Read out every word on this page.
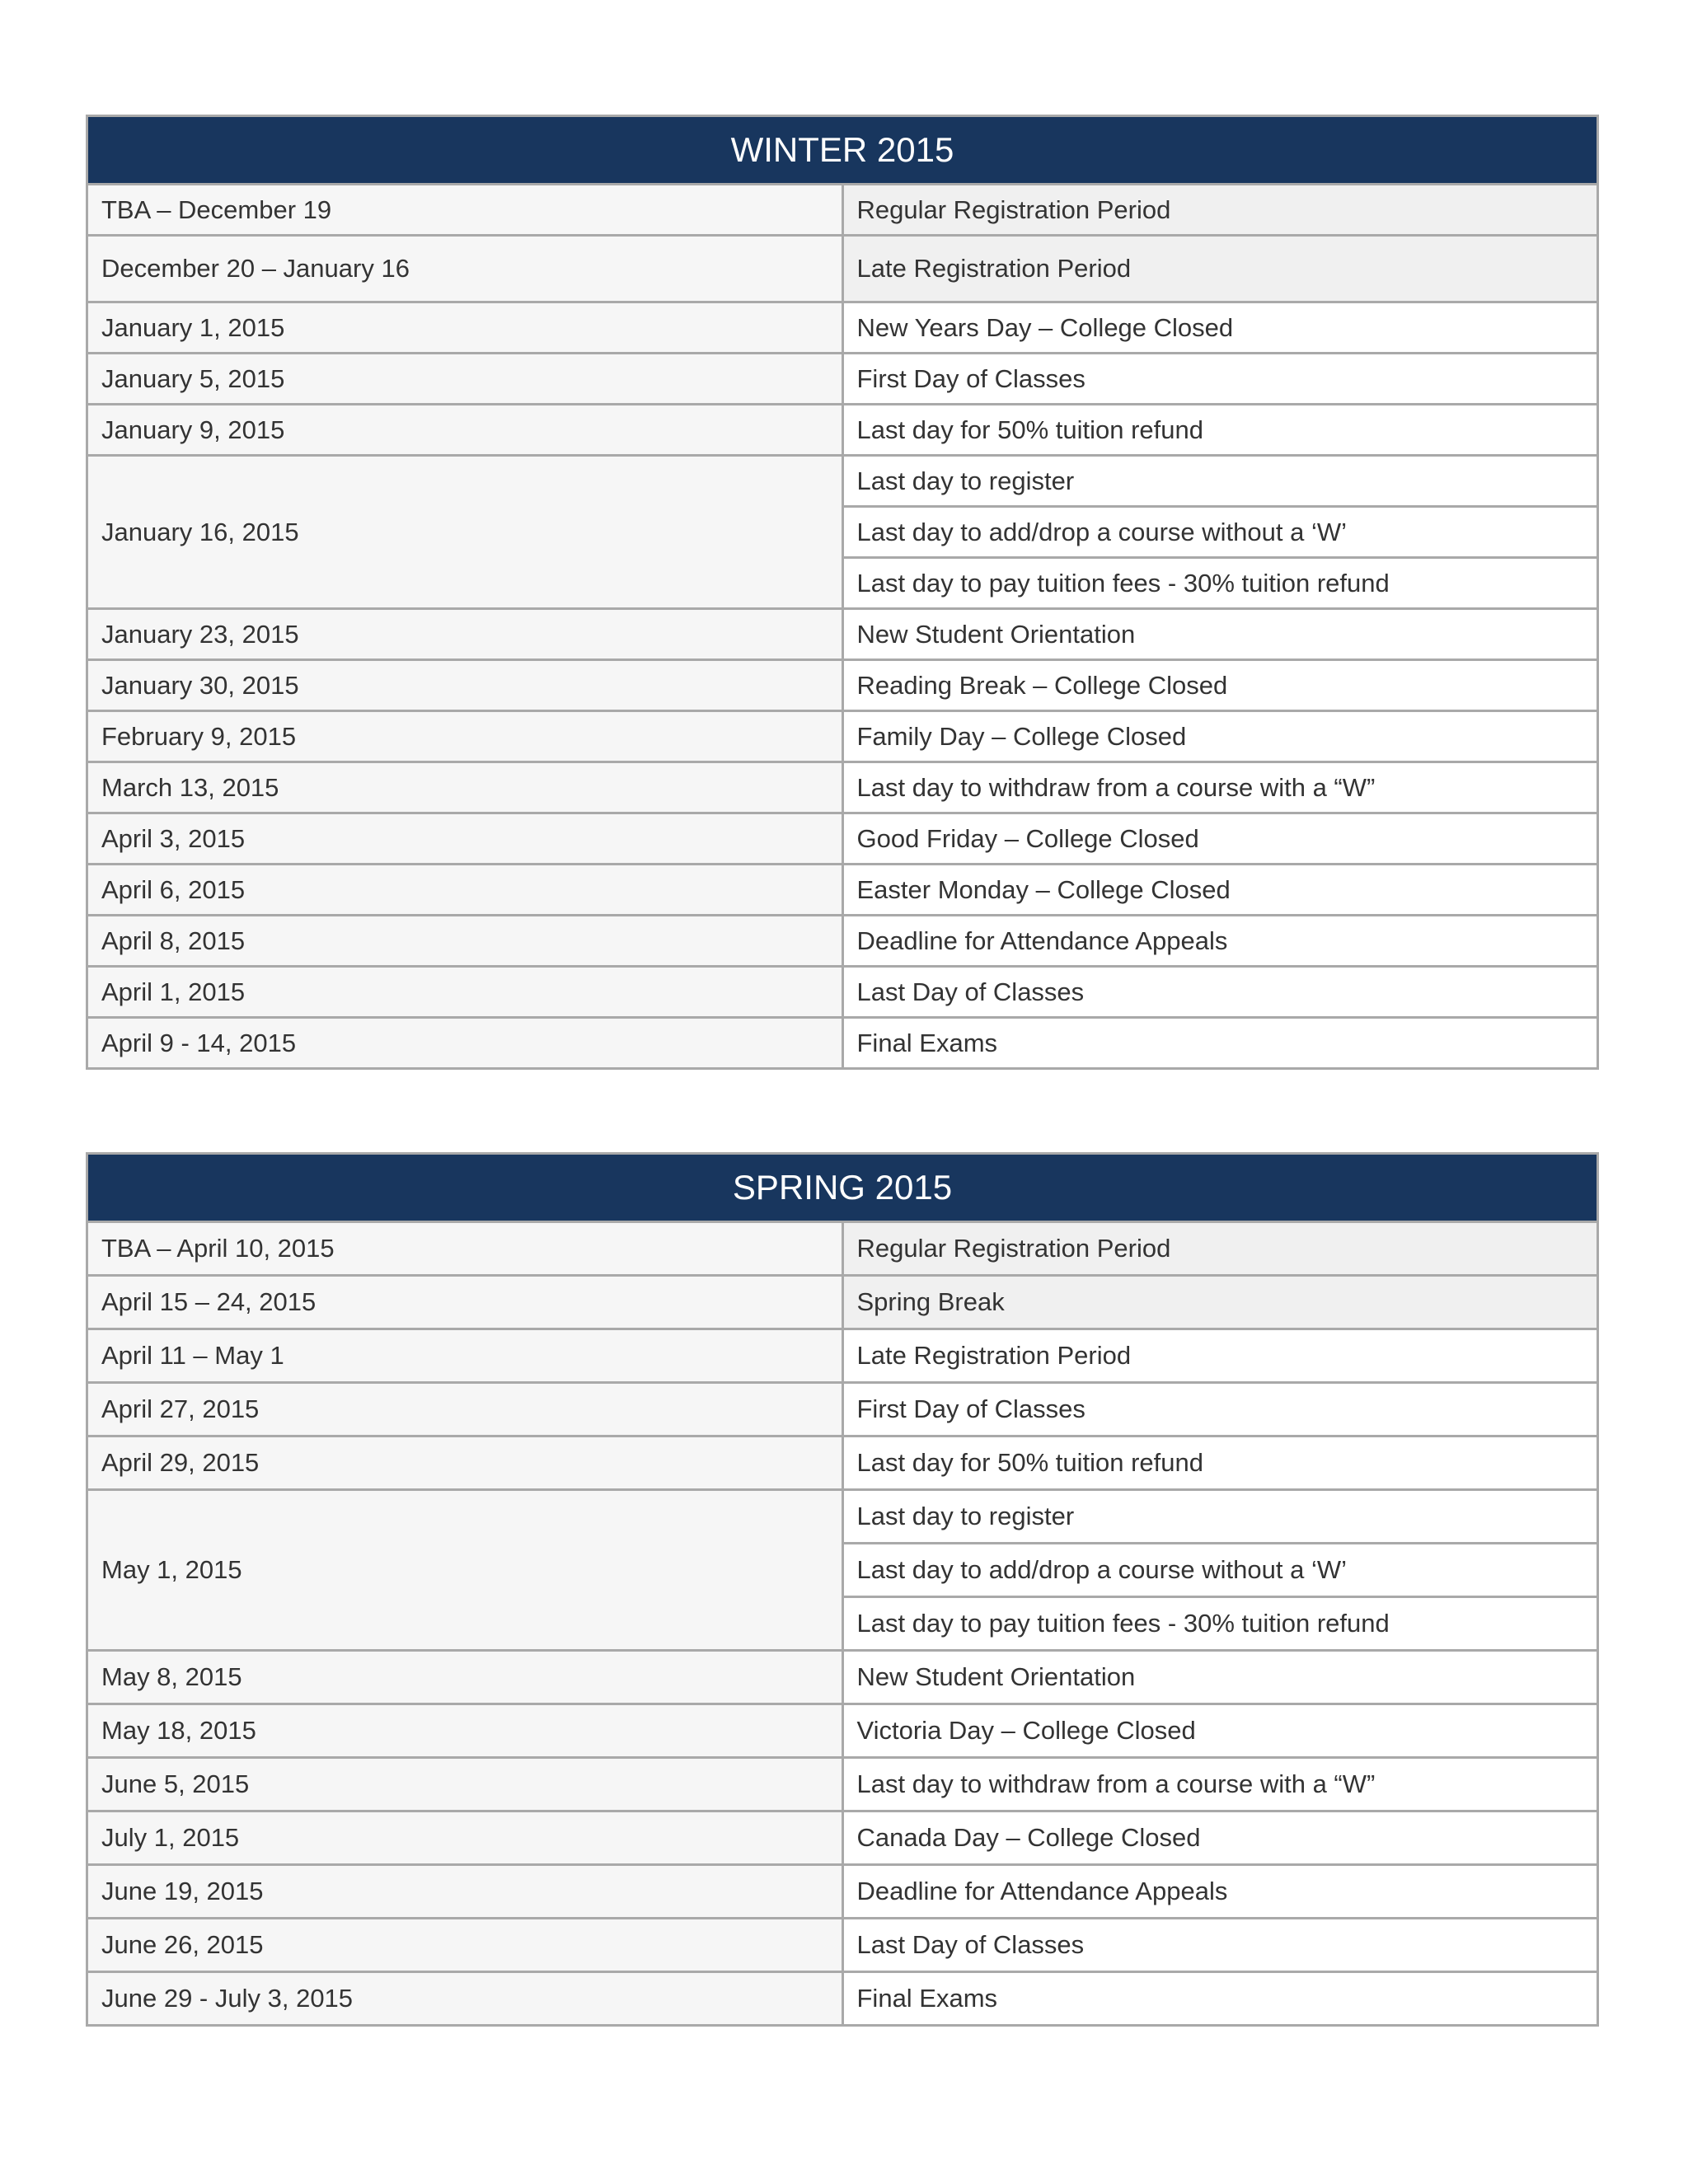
WINTER 2015	
TBA – December 19	Regular Registration Period
December 20 – January 16	Late Registration Period
January 1, 2015	New Years Day – College Closed
January 5, 2015	First Day of Classes
January 9, 2015	Last day for 50% tuition refund
January 16, 2015	Last day to register
	Last day to add/drop a course without a ‘W’
	Last day to pay tuition fees - 30% tuition refund
January 23, 2015	New Student Orientation
January 30, 2015	Reading Break – College Closed
February 9, 2015	Family Day – College Closed
March 13, 2015	Last day to withdraw from a course with a “W”
April 3, 2015	Good Friday – College Closed
April 6, 2015	Easter Monday – College Closed
April 8, 2015	Deadline for Attendance Appeals
April 1, 2015	Last Day of Classes
April 9 - 14, 2015	Final Exams
SPRING 2015	
TBA – April 10, 2015	Regular Registration Period
April 15 – 24, 2015	Spring Break
April 11 – May 1	Late Registration Period
April 27, 2015	First Day of Classes
April 29, 2015	Last day for 50% tuition refund
May 1, 2015	Last day to register
	Last day to add/drop a course without a ‘W’
	Last day to pay tuition fees - 30% tuition refund
May 8, 2015	New Student Orientation
May 18, 2015	Victoria Day – College Closed
June 5, 2015	Last day to withdraw from a course with a “W”
July 1, 2015	Canada Day – College Closed
June 19, 2015	Deadline for Attendance Appeals
June 26, 2015	Last Day of Classes
June 29 - July 3, 2015	Final Exams
